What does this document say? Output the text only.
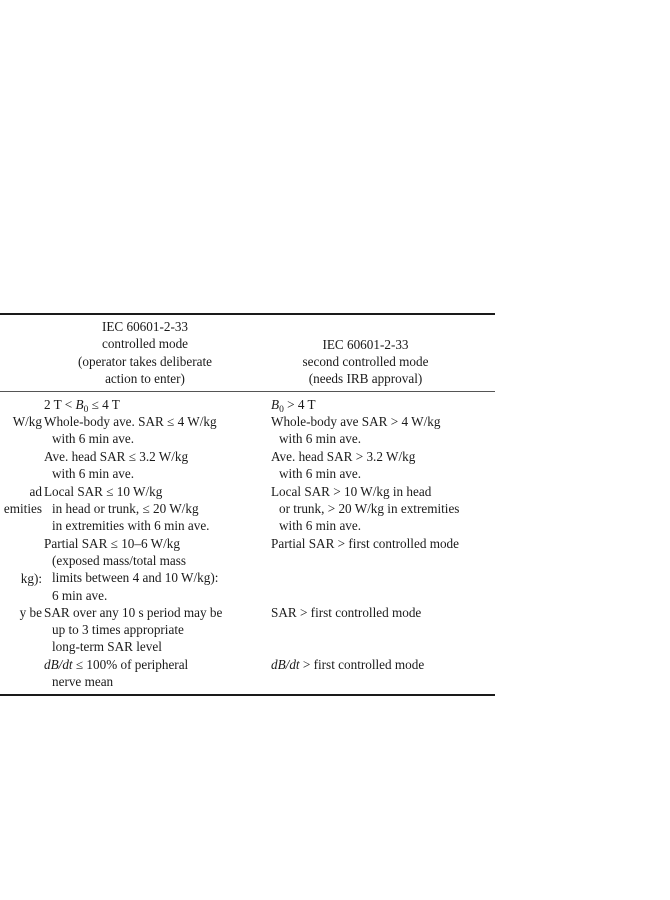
IEC 60601-2-33
controlled mode
(operator takes deliberate
action to enter)
IEC 60601-2-33
second controlled mode
(needs IRB approval)
W/kg
ad
emities
kg):
y be
2 $T < B_0 \le 4$ T	$B_0 > 4$ T
Whole-body ave. SAR ≤ 4 W/kg
with 6 min ave.
Whole-body ave SAR > 4 W/kg
with 6 min ave.
Ave. head SAR ≤ 3.2 W/kg
with 6 min ave.
Ave. head SAR > 3.2 W/kg
with 6 min ave.
Local SAR ≤ 10 W/kg
in head or trunk, ≤ 20 W/kg
in extremities with 6 min ave.
Local SAR > 10 W/kg in head
or trunk, > 20 W/kg in extremities
with 6 min ave.
Partial SAR ≤ 10–6 W/kg
(exposed mass/total mass
limits between 4 and 10 W/kg):
6 min ave.
Partial SAR > first controlled mode
SAR over any 10 s period may be
up to 3 times appropriate
long-term SAR level
SAR > first controlled mode
dB/dt ≤ 100% of peripheral
nerve mean
dB/dt > first controlled mode
